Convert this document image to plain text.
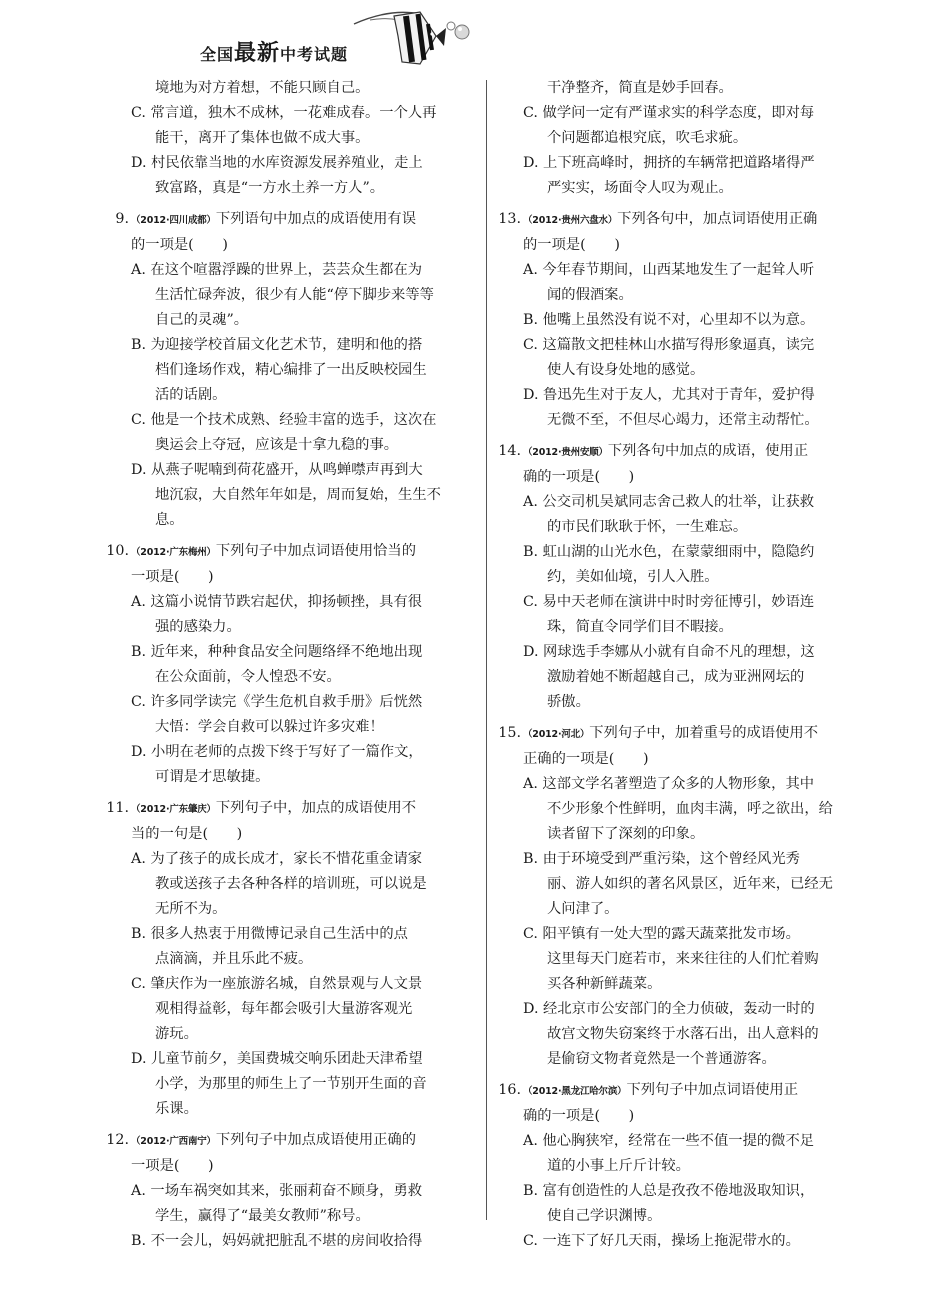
全国最新中考试题
境地为对方着想，不能只顾自己。
C. 常言道，独木不成林，一花难成春。一个人再
能干，离开了集体也做不成大事。
D. 村民依靠当地的水库资源发展养殖业，走上
致富路，真是“一方水土养一方人”。
9. （2012·四川成都）下列语句中加点的成语使用有误
的一项是(　　)
A. 在这个喧嚣浮躁的世界上，芸芸众生都在为
生活忙碌奔波，很少有人能“停下脚步来等等
自己的灵魂”。
B. 为迎接学校首届文化艺术节，建明和他的搭
档们逢场作戏，精心编排了一出反映校园生
活的话剧。
C. 他是一个技术成熟、经验丰富的选手，这次在
奥运会上夺冠，应该是十拿九稳的事。
D. 从燕子呢喃到荷花盛开，从鸣蝉噤声再到大
地沉寂，大自然年年如是，周而复始，生生不
息。
10. （2012·广东梅州）下列句子中加点词语使用恰当的
一项是(　　)
A. 这篇小说情节跌宕起伏，抑扬顿挫，具有很
强的感染力。
B. 近年来，种种食品安全问题络绎不绝地出现
在公众面前，令人惶恐不安。
C. 许多同学读完《学生危机自救手册》后恍然
大悟：学会自救可以躲过许多灾难！
D. 小明在老师的点拨下终于写好了一篇作文，
可谓是才思敏捷。
11. （2012·广东肇庆）下列句子中，加点的成语使用不
当的一句是(　　)
A. 为了孩子的成长成才，家长不惜花重金请家
教或送孩子去各种各样的培训班，可以说是
无所不为。
B. 很多人热衷于用微博记录自己生活中的点
点滴滴，并且乐此不疲。
C. 肇庆作为一座旅游名城，自然景观与人文景
观相得益彰，每年都会吸引大量游客观光
游玩。
D. 儿童节前夕，美国费城交响乐团赴天津希望
小学，为那里的师生上了一节别开生面的音
乐课。
12. （2012·广西南宁）下列句子中加点成语使用正确的
一项是(　　)
A. 一场车祸突如其来，张丽莉奋不顾身，勇救
学生，赢得了“最美女教师”称号。
B. 不一会儿，妈妈就把脏乱不堪的房间收拾得
干净整齐，简直是妙手回春。
C. 做学问一定有严谨求实的科学态度，即对每
个问题都追根究底，吹毛求疵。
D. 上下班高峰时，拥挤的车辆常把道路堵得严
严实实，场面令人叹为观止。
13. （2012·贵州六盘水）下列各句中，加点词语使用正确
的一项是(　　)
A. 今年春节期间，山西某地发生了一起耸人听
闻的假酒案。
B. 他嘴上虽然没有说不对，心里却不以为意。
C. 这篇散文把桂林山水描写得形象逼真，读完
使人有设身处地的感觉。
D. 鲁迅先生对于友人，尤其对于青年，爱护得
无微不至，不但尽心竭力，还常主动帮忙。
14. （2012·贵州安顺）下列各句中加点的成语，使用正
确的一项是(　　)
A. 公交司机吴斌同志舍己救人的壮举，让获救
的市民们耿耿于怀，一生难忘。
B. 虹山湖的山光水色，在蒙蒙细雨中，隐隐约
约，美如仙境，引人入胜。
C. 易中天老师在演讲中时时旁征博引，妙语连
珠，简直令同学们目不暇接。
D. 网球选手李娜从小就有自命不凡的理想，这
激励着她不断超越自己，成为亚洲网坛的
骄傲。
15. （2012·河北）下列句子中，加着重号的成语使用不
正确的一项是(　　)
A. 这部文学名著塑造了众多的人物形象，其中
不少形象个性鲜明，血肉丰满，呼之欲出，给
读者留下了深刻的印象。
B. 由于环境受到严重污染，这个曾经风光秀
丽、游人如织的著名风景区，近年来，已经无
人问津了。
C. 阳平镇有一处大型的露天蔬菜批发市场。
这里每天门庭若市，来来往往的人们忙着购
买各种新鲜蔬菜。
D. 经北京市公安部门的全力侦破，轰动一时的
故宫文物失窃案终于水落石出，出人意料的
是偷窃文物者竟然是一个普通游客。
16. （2012·黑龙江哈尔滨）下列句子中加点词语使用正
确的一项是(　　)
A. 他心胸狭窄，经常在一些不值一提的微不足
道的小事上斤斤计较。
B. 富有创造性的人总是孜孜不倦地汲取知识，
使自己学识渊博。
C. 一连下了好几天雨，操场上拖泥带水的。
